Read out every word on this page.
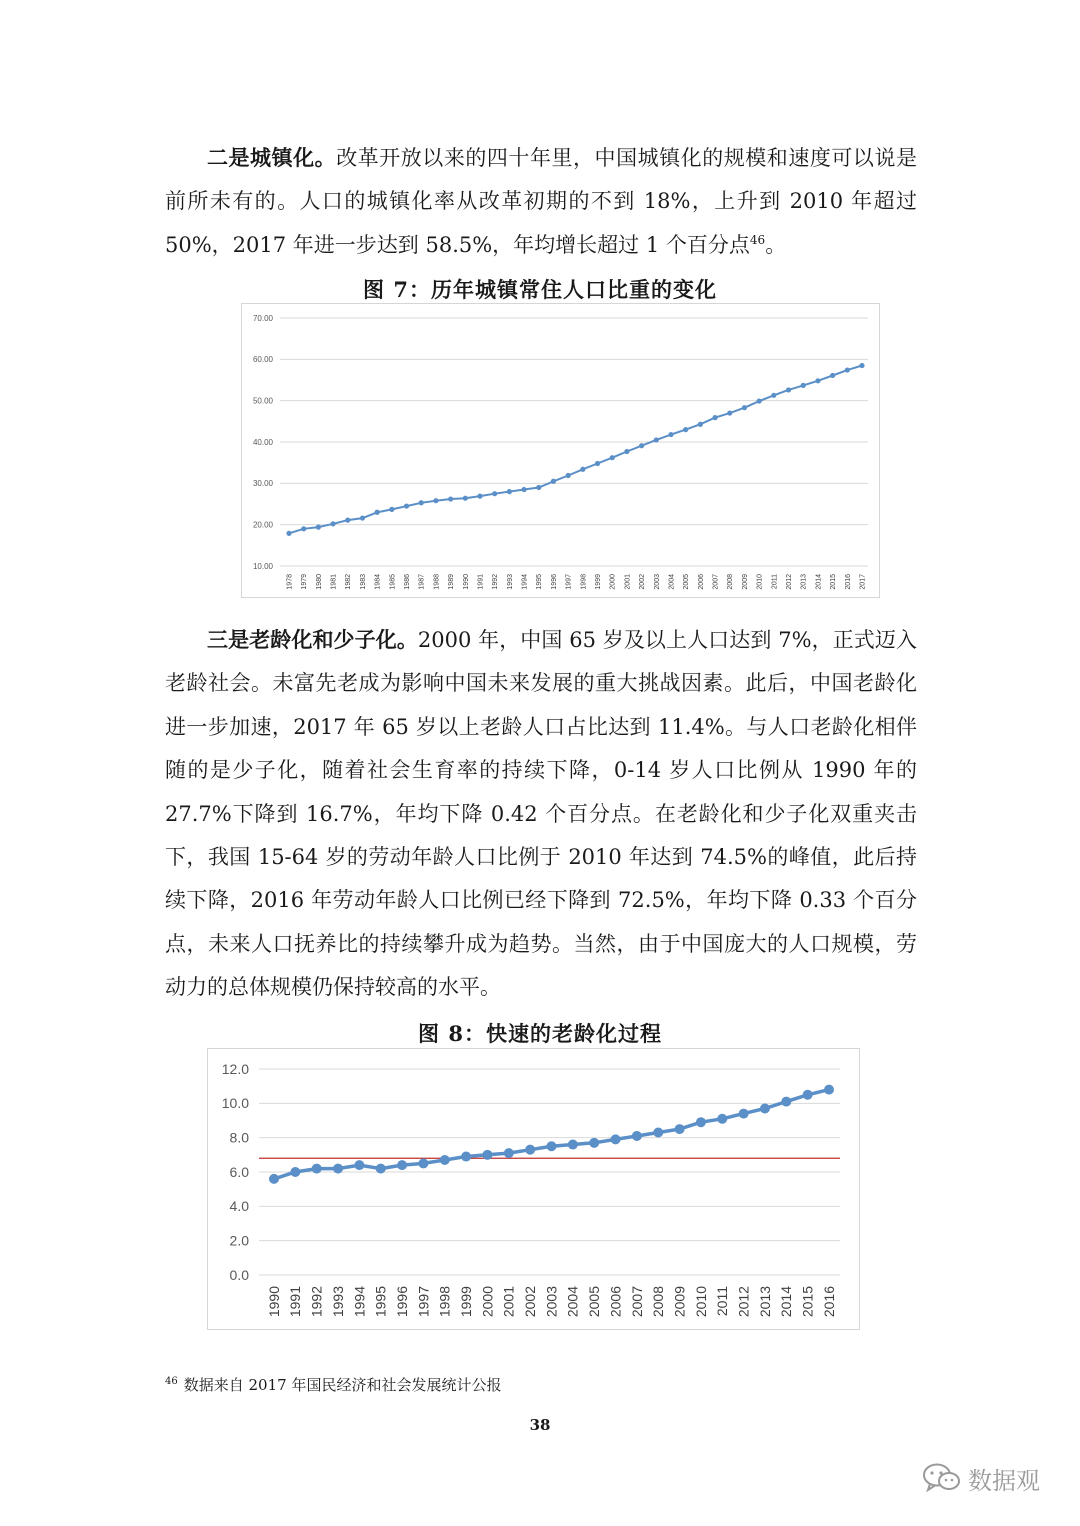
二是城镇化。改革开放以来的四十年里，中国城镇化的规模和速度可以说是前所未有的。人口的城镇化率从改革初期的不到 18%，上升到 2010 年超过 50%，2017 年进一步达到 58.5%，年均增长超过 1 个百分点$^{46}$。

图 7：历年城镇常住人口比重的变化
10.00
20.00
30.00
40.00
50.00
60.00
70.00
1978 1979 1980 1981 1982 1983 1984 1985 1986 1987 1988 1989 1990 1991 1992 1993 1994 1995 1996 1997 1998 1999 2000 2001 2002 2003 2004 2005 2006 2007 2008 2009 2010 2011 2012 2013 2014 2015 2016 2017

三是老龄化和少子化。2000 年，中国 65 岁及以上人口达到 7%，正式迈入老龄社会。未富先老成为影响中国未来发展的重大挑战因素。此后，中国老龄化进一步加速，2017 年 65 岁以上老龄人口占比达到 11.4%。与人口老龄化相伴随的是少子化，随着社会生育率的持续下降，0-14 岁人口比例从 1990 年的 27.7%下降到 16.7%，年均下降 0.42 个百分点。在老龄化和少子化双重夹击下，我国 15-64 岁的劳动年龄人口比例于 2010 年达到 74.5%的峰值，此后持续下降，2016 年劳动年龄人口比例已经下降到 72.5%，年均下降 0.33 个百分点，未来人口抚养比的持续攀升成为趋势。当然，由于中国庞大的人口规模，劳动力的总体规模仍保持较高的水平。

图 8：快速的老龄化过程
0.0
2.0
4.0
6.0
8.0
10.0
12.0
1990 1991 1992 1993 1994 1995 1996 1997 1998 1999 2000 2001 2002 2003 2004 2005 2006 2007 2008 2009 2010 2011 2012 2013 2014 2015 2016
$^{46}$ 数据来自 2017 年国民经济和社会发展统计公报
38
数据观
